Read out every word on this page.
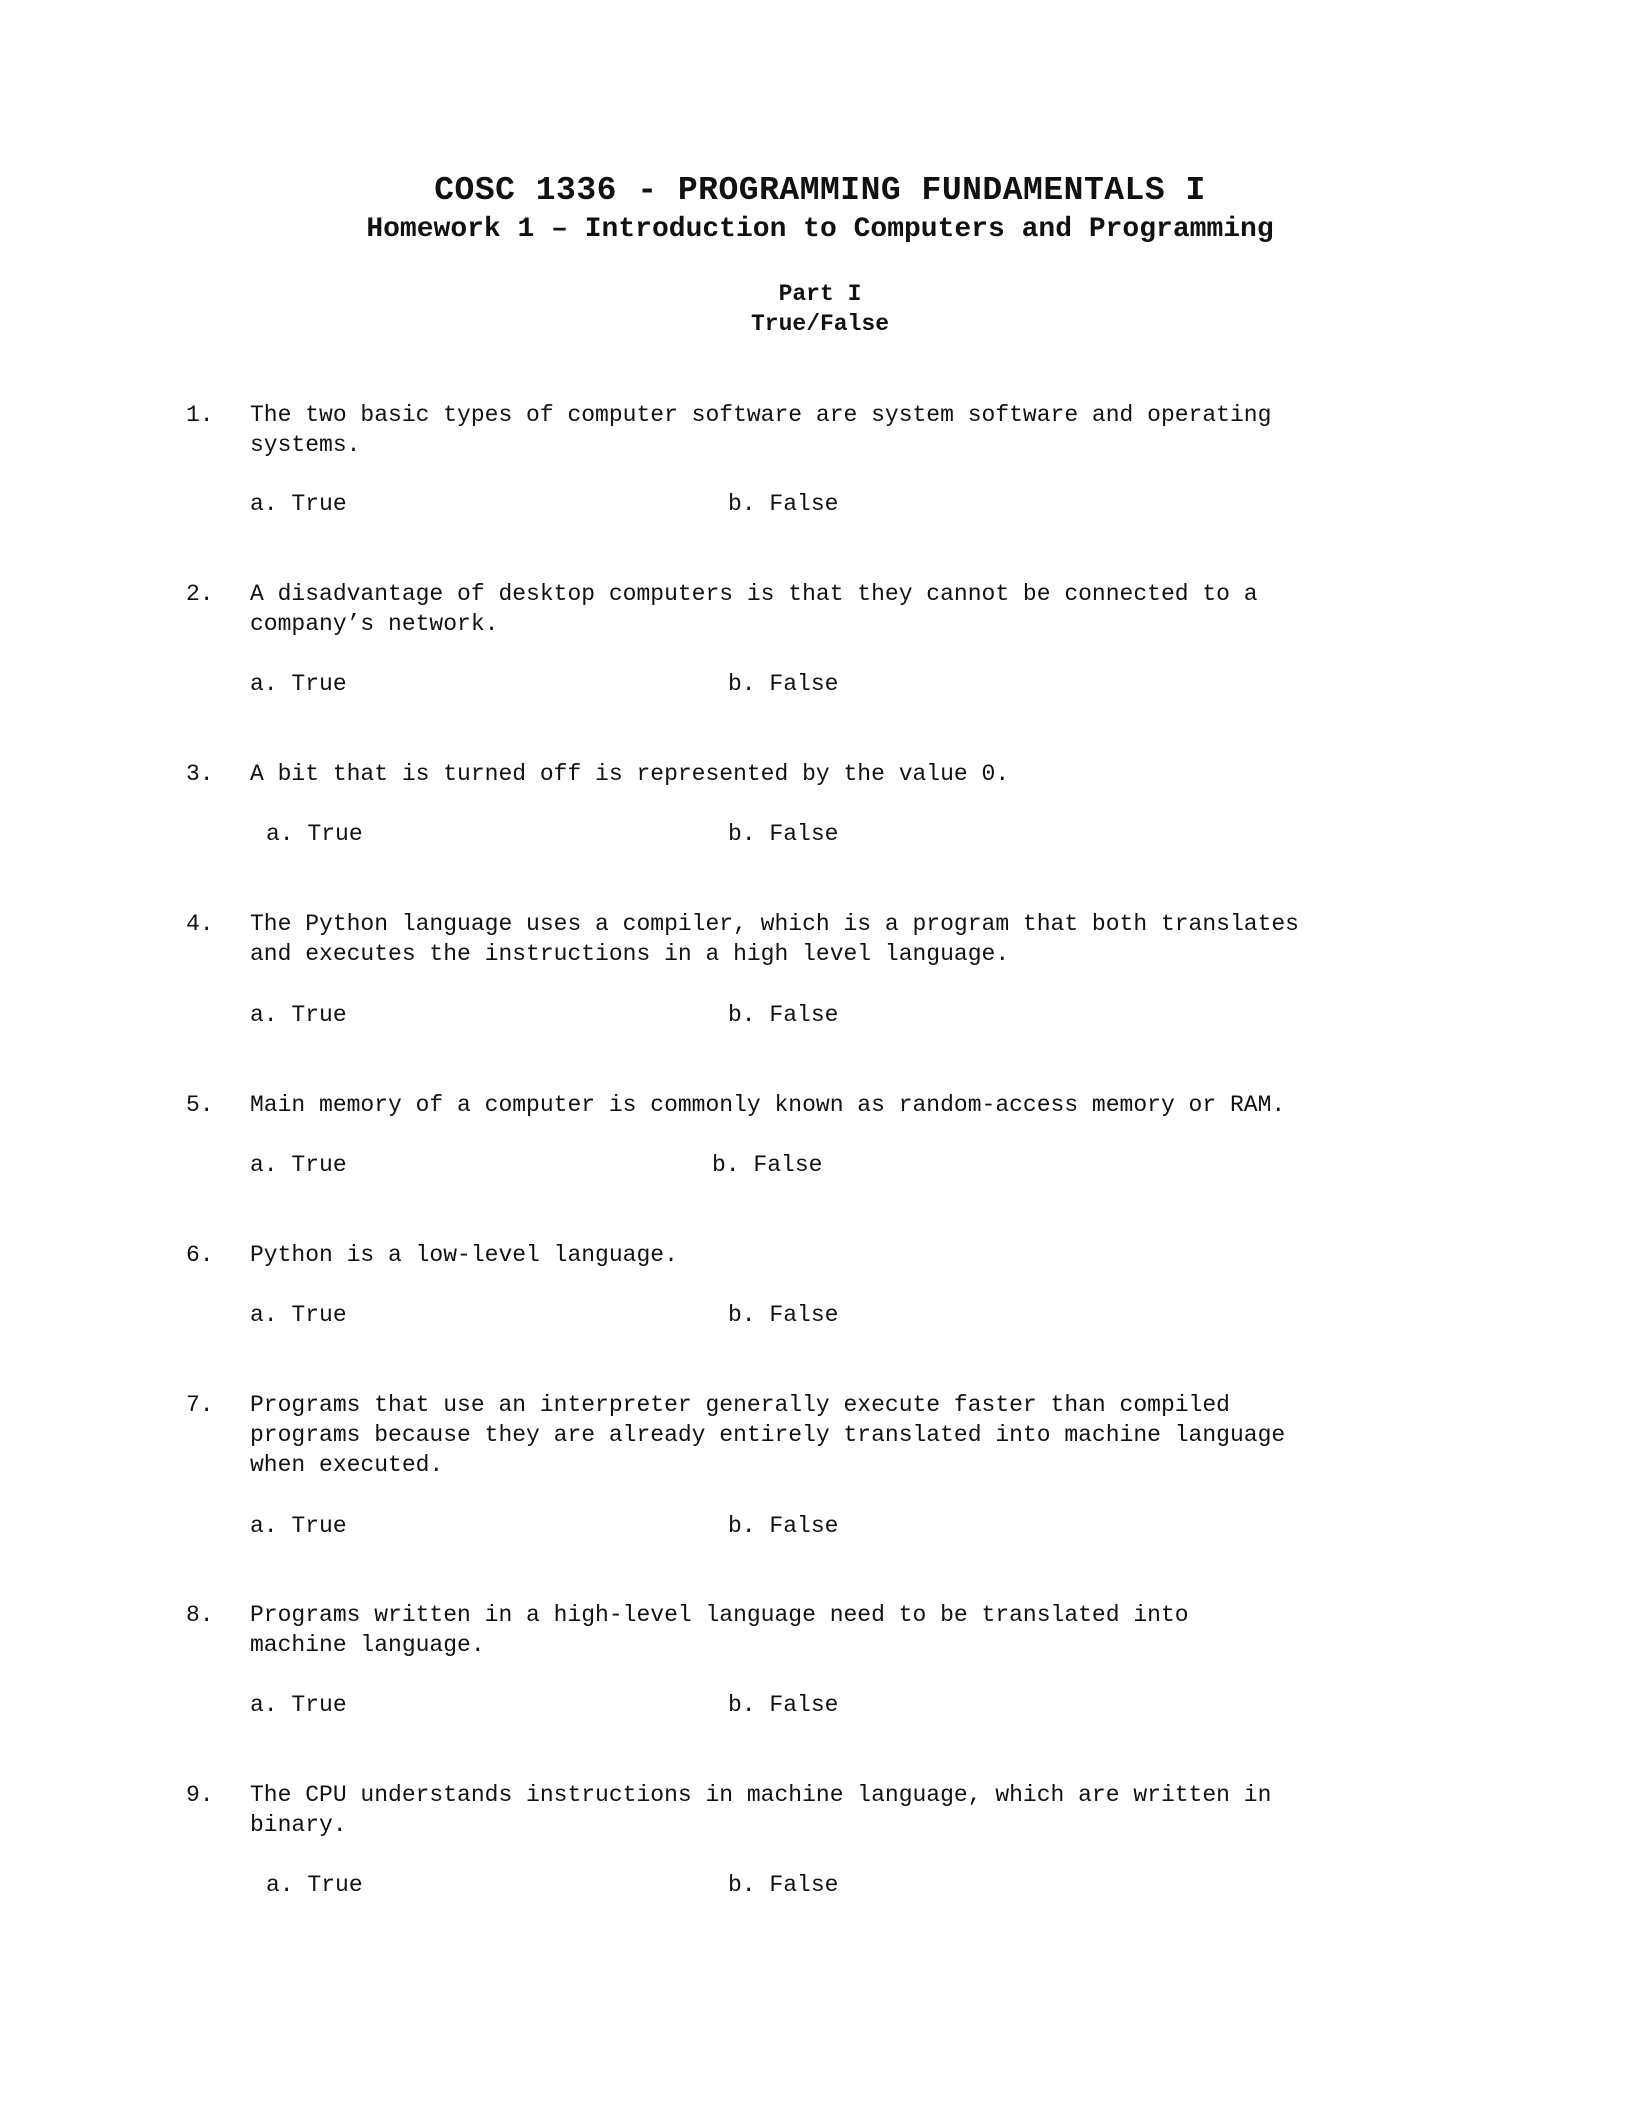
COSC 1336 - PROGRAMMING FUNDAMENTALS I
Homework 1 – Introduction to Computers and Programming
Part I
True/False
1. The two basic types of computer software are system software and operating
systems.
a. True	b. False
2. A disadvantage of desktop computers is that they cannot be connected to a
company’s network.
a. True	b. False
3. A bit that is turned off is represented by the value 0.
a. True	b. False
4. The Python language uses a compiler, which is a program that both translates
and executes the instructions in a high level language.
a. True	b. False
5. Main memory of a computer is commonly known as random-access memory or RAM.
a. True	b. False
6. Python is a low-level language.
a. True	b. False
7. Programs that use an interpreter generally execute faster than compiled
programs because they are already entirely translated into machine language
when executed.
a. True	b. False
8. Programs written in a high-level language need to be translated into
machine language.
a. True	b. False
9. The CPU understands instructions in machine language, which are written in
binary.
a. True	b. False
